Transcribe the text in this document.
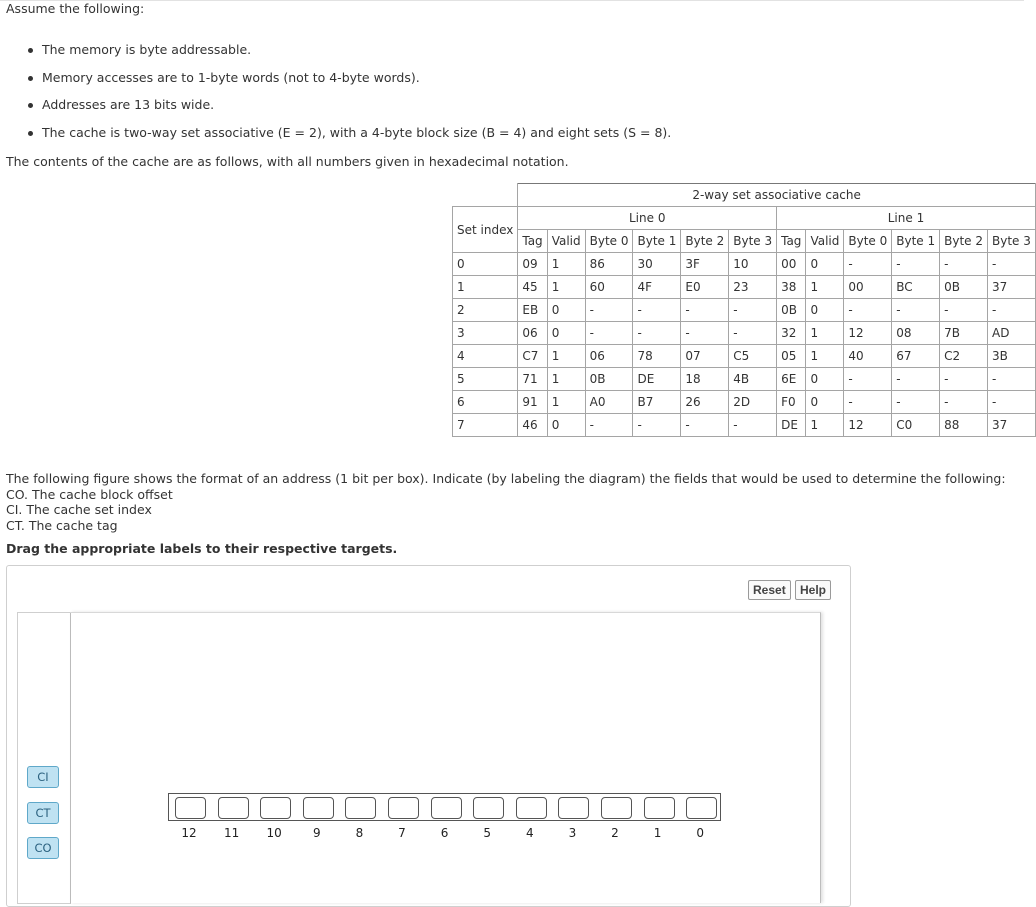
Assume the following:
The memory is byte addressable.
Memory accesses are to 1-byte words (not to 4-byte words).
Addresses are 13 bits wide.
The cache is two-way set associative (E = 2), with a 4-byte block size (B = 4) and eight sets (S = 8).
The contents of the cache are as follows, with all numbers given in hexadecimal notation.
	2-way set associative cache											
Set index	Line 0						Line 1					
	Tag	Valid	Byte 0	Byte 1	Byte 2	Byte 3	Tag	Valid	Byte 0	Byte 1	Byte 2	Byte 3
0	09	1	86	30	3F	10	00	0	-	-	-	-
1	45	1	60	4F	E0	23	38	1	00	BC	0B	37
2	EB	0	-	-	-	-	0B	0	-	-	-	-
3	06	0	-	-	-	-	32	1	12	08	7B	AD
4	C7	1	06	78	07	C5	05	1	40	67	C2	3B
5	71	1	0B	DE	18	4B	6E	0	-	-	-	-
6	91	1	A0	B7	26	2D	F0	0	-	-	-	-
7	46	0	-	-	-	-	DE	1	12	C0	88	37
The following figure shows the format of an address (1 bit per box). Indicate (by labeling the diagram) the fields that would be used to determine the following:
CO. The cache block offset
CI. The cache set index
CT. The cache tag
Drag the appropriate labels to their respective targets.
Reset	Help
CI
CT
CO
12 11 10	9	8	7	6	5	4	3	2	1	0
